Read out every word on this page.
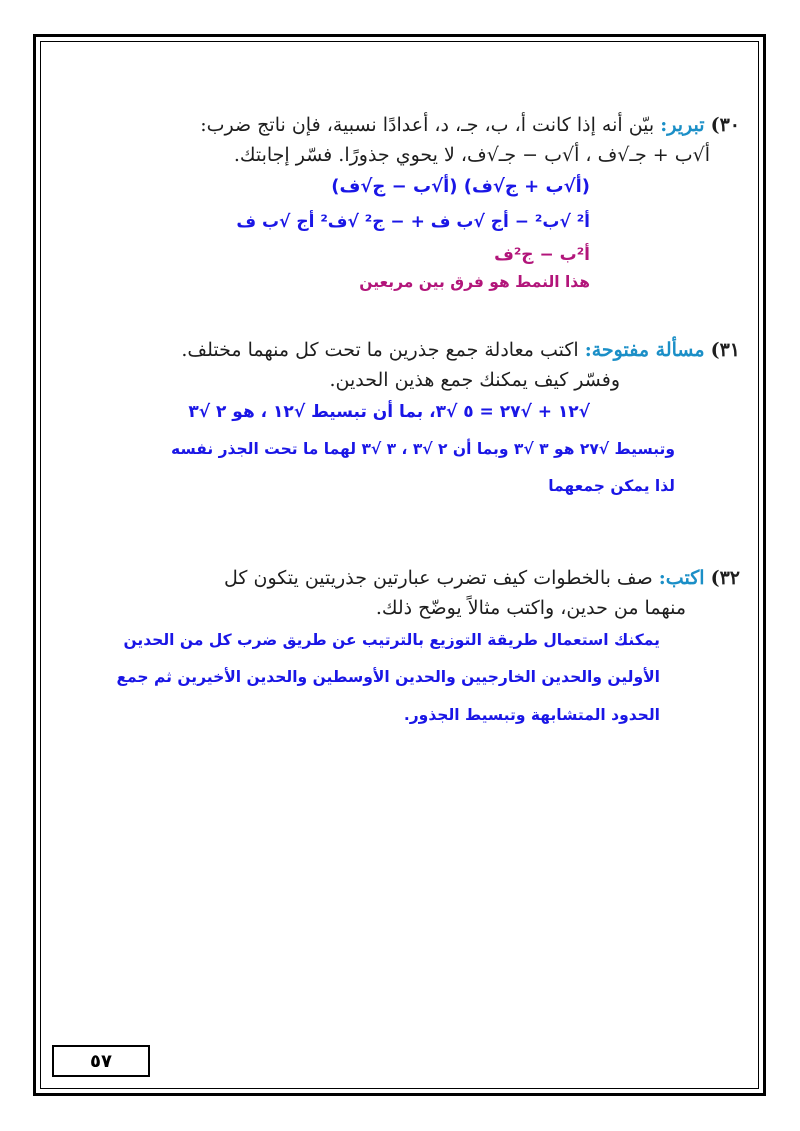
٣٠) تبرير: بيّن أنه إذا كانت أ، ب، جـ، د، أعدادًا نسبية، فإن ناتج ضرب:
أ√ب + جـ√ف ، أ√ب − جـ√ف، لا يحوي جذورًا. فسّر إجابتك.
(أ√ب + ج√ف) (أ√ب − ج√ف)
أ² √ب² − أج √ب ف + − ج² √ف² أج √ب ف
أ²ب − ج²ف
هذا النمط هو فرق بين مربعين
٣١) مسألة مفتوحة: اكتب معادلة جمع جذرين ما تحت كل منهما مختلف.
وفسّر كيف يمكنك جمع هذين الحدين.
√١٢ + √٢٧ = ٥ √٣، بما أن تبسيط √١٢ ، هو ٢ √٣
وتبسيط √٢٧ هو ٣ √٣ وبما أن ٢ √٣ ، ٣ √٣ لهما ما تحت الجذر نفسه
لذا يمكن جمعهما
٣٢) اكتب: صف بالخطوات كيف تضرب عبارتين جذريتين يتكون كل
منهما من حدين، واكتب مثالاً يوضّح ذلك.
يمكنك استعمال طريقة التوزيع بالترتيب عن طريق ضرب كل من الحدين
الأولين والحدين الخارجيين والحدين الأوسطين والحدين الأخيرين ثم جمع
الحدود المتشابهة وتبسيط الجذور.
٥٧
